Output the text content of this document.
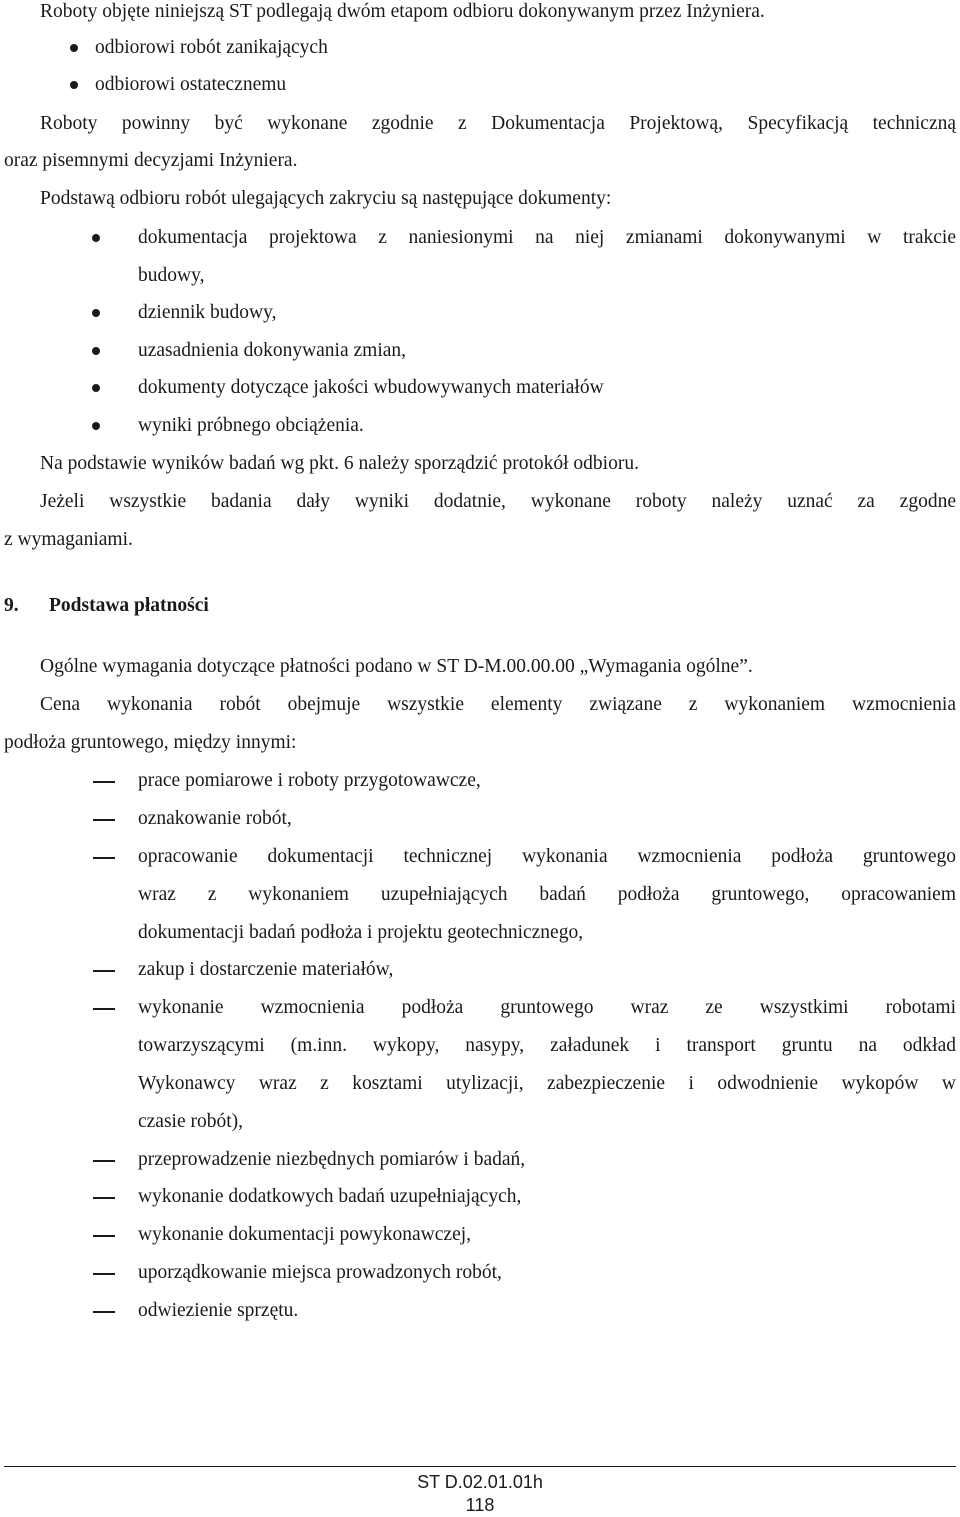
Roboty objęte niniejszą ST podlegają dwóm etapom odbioru dokonywanym przez Inżyniera.
odbiorowi robót zanikających
odbiorowi ostatecznemu
Roboty powinny być wykonane zgodnie z Dokumentacja Projektową, Specyfikacją techniczną
oraz pisemnymi decyzjami Inżyniera.
Podstawą odbioru robót ulegających zakryciu są następujące dokumenty:
dokumentacja projektowa z naniesionymi na niej zmianami dokonywanymi w trakcie
budowy,
dziennik budowy,
uzasadnienia dokonywania zmian,
dokumenty dotyczące jakości wbudowywanych materiałów
wyniki próbnego obciążenia.
Na podstawie wyników badań wg pkt. 6 należy sporządzić protokół odbioru.
Jeżeli wszystkie badania dały wyniki dodatnie, wykonane roboty należy uznać za zgodne
z wymaganiami.
9. Podstawa płatności
Ogólne wymagania dotyczące płatności podano w ST D-M.00.00.00 „Wymagania ogólne”.
Cena wykonania robót obejmuje wszystkie elementy związane z wykonaniem wzmocnienia
podłoża gruntowego, między innymi:
prace pomiarowe i roboty przygotowawcze,
oznakowanie robót,
opracowanie dokumentacji technicznej wykonania wzmocnienia podłoża gruntowego
wraz z wykonaniem uzupełniających badań podłoża gruntowego, opracowaniem
dokumentacji badań podłoża i projektu geotechnicznego,
zakup i dostarczenie materiałów,
wykonanie wzmocnienia podłoża gruntowego wraz ze wszystkimi robotami
towarzyszącymi (m.inn. wykopy, nasypy, załadunek i transport gruntu na odkład
Wykonawcy wraz z kosztami utylizacji, zabezpieczenie i odwodnienie wykopów w
czasie robót),
przeprowadzenie niezbędnych pomiarów i badań,
wykonanie dodatkowych badań uzupełniających,
wykonanie dokumentacji powykonawczej,
uporządkowanie miejsca prowadzonych robót,
odwiezienie sprzętu.
ST D.02.01.01h
118
